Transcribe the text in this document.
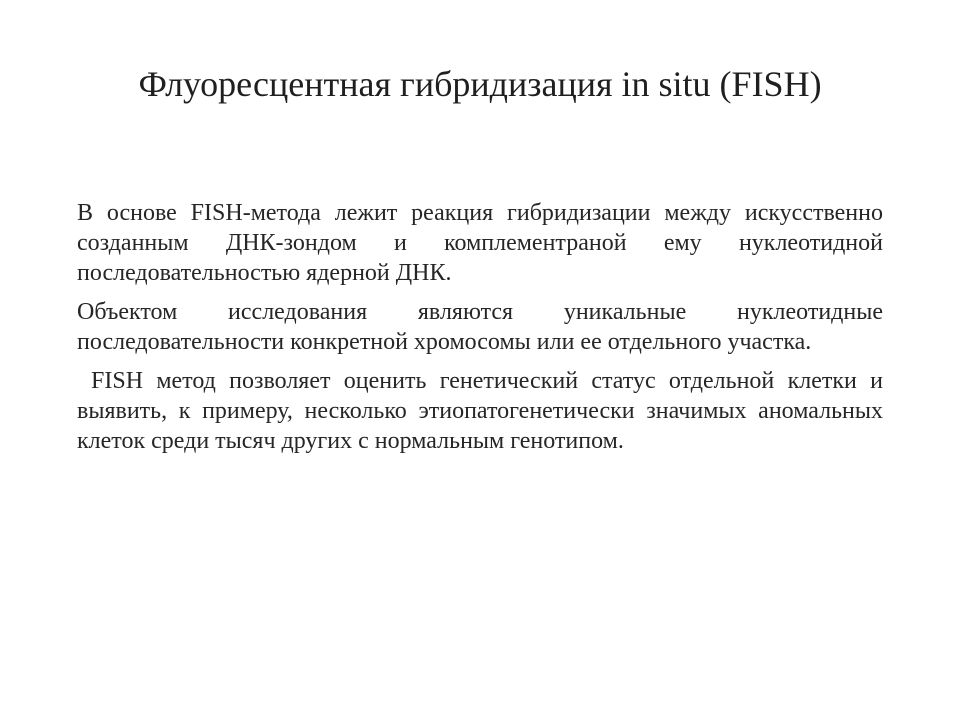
Флуоресцентная гибридизация in situ (FISH)

В основе FISH-метода лежит реакция гибридизации между искусственно созданным ДНК-зондом и комплементраной ему нуклеотидной последовательностью ядерной ДНК.

Объектом исследования являются уникальные нуклеотидные последовательности конкретной хромосомы или ее отдельного участка.

FISH метод позволяет оценить генетический статус отдельной клетки и выявить, к примеру, несколько этиопатогенетически значимых аномальных клеток среди тысяч других с нормальным генотипом.
